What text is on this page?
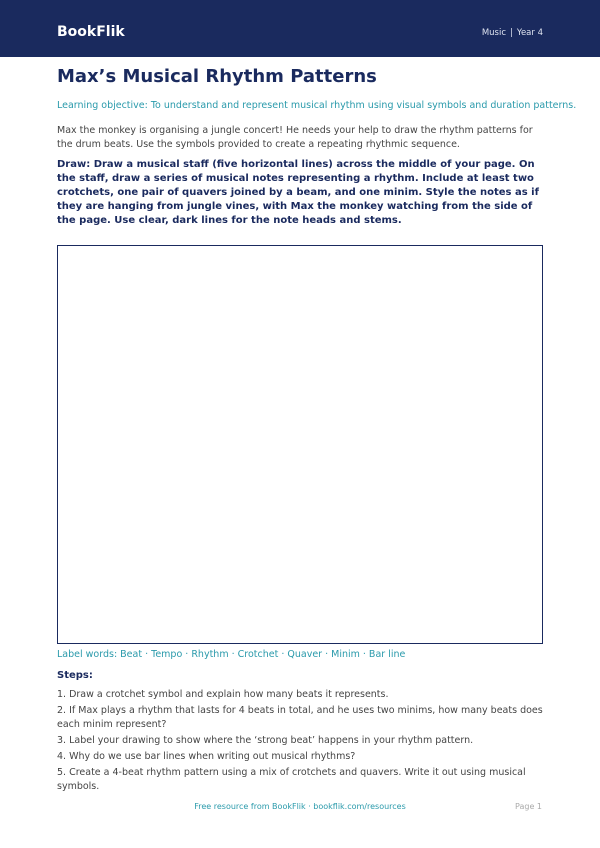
BookFlik	Music | Year 4
Max’s Musical Rhythm Patterns
Learning objective: To understand and represent musical rhythm using visual symbols and duration patterns.

Max the monkey is organising a jungle concert! He needs your help to draw the rhythm patterns for the drum beats. Use the symbols provided to create a repeating rhythmic sequence.

Draw: Draw a musical staff (five horizontal lines) across the middle of your page. On the staff, draw a series of musical notes representing a rhythm. Include at least two crotchets, one pair of quavers joined by a beam, and one minim. Style the notes as if they are hanging from jungle vines, with Max the monkey watching from the side of the page. Use clear, dark lines for the note heads and stems.

Label words: Beat · Tempo · Rhythm · Crotchet · Quaver · Minim · Bar line
Steps:
1. Draw a crotchet symbol and explain how many beats it represents.
2. If Max plays a rhythm that lasts for 4 beats in total, and he uses two minims, how many beats does each minim represent?
3. Label your drawing to show where the ‘strong beat’ happens in your rhythm pattern.
4. Why do we use bar lines when writing out musical rhythms?
5. Create a 4-beat rhythm pattern using a mix of crotchets and quavers. Write it out using musical symbols.
Free resource from BookFlik · bookflik.com/resources	Page 1
